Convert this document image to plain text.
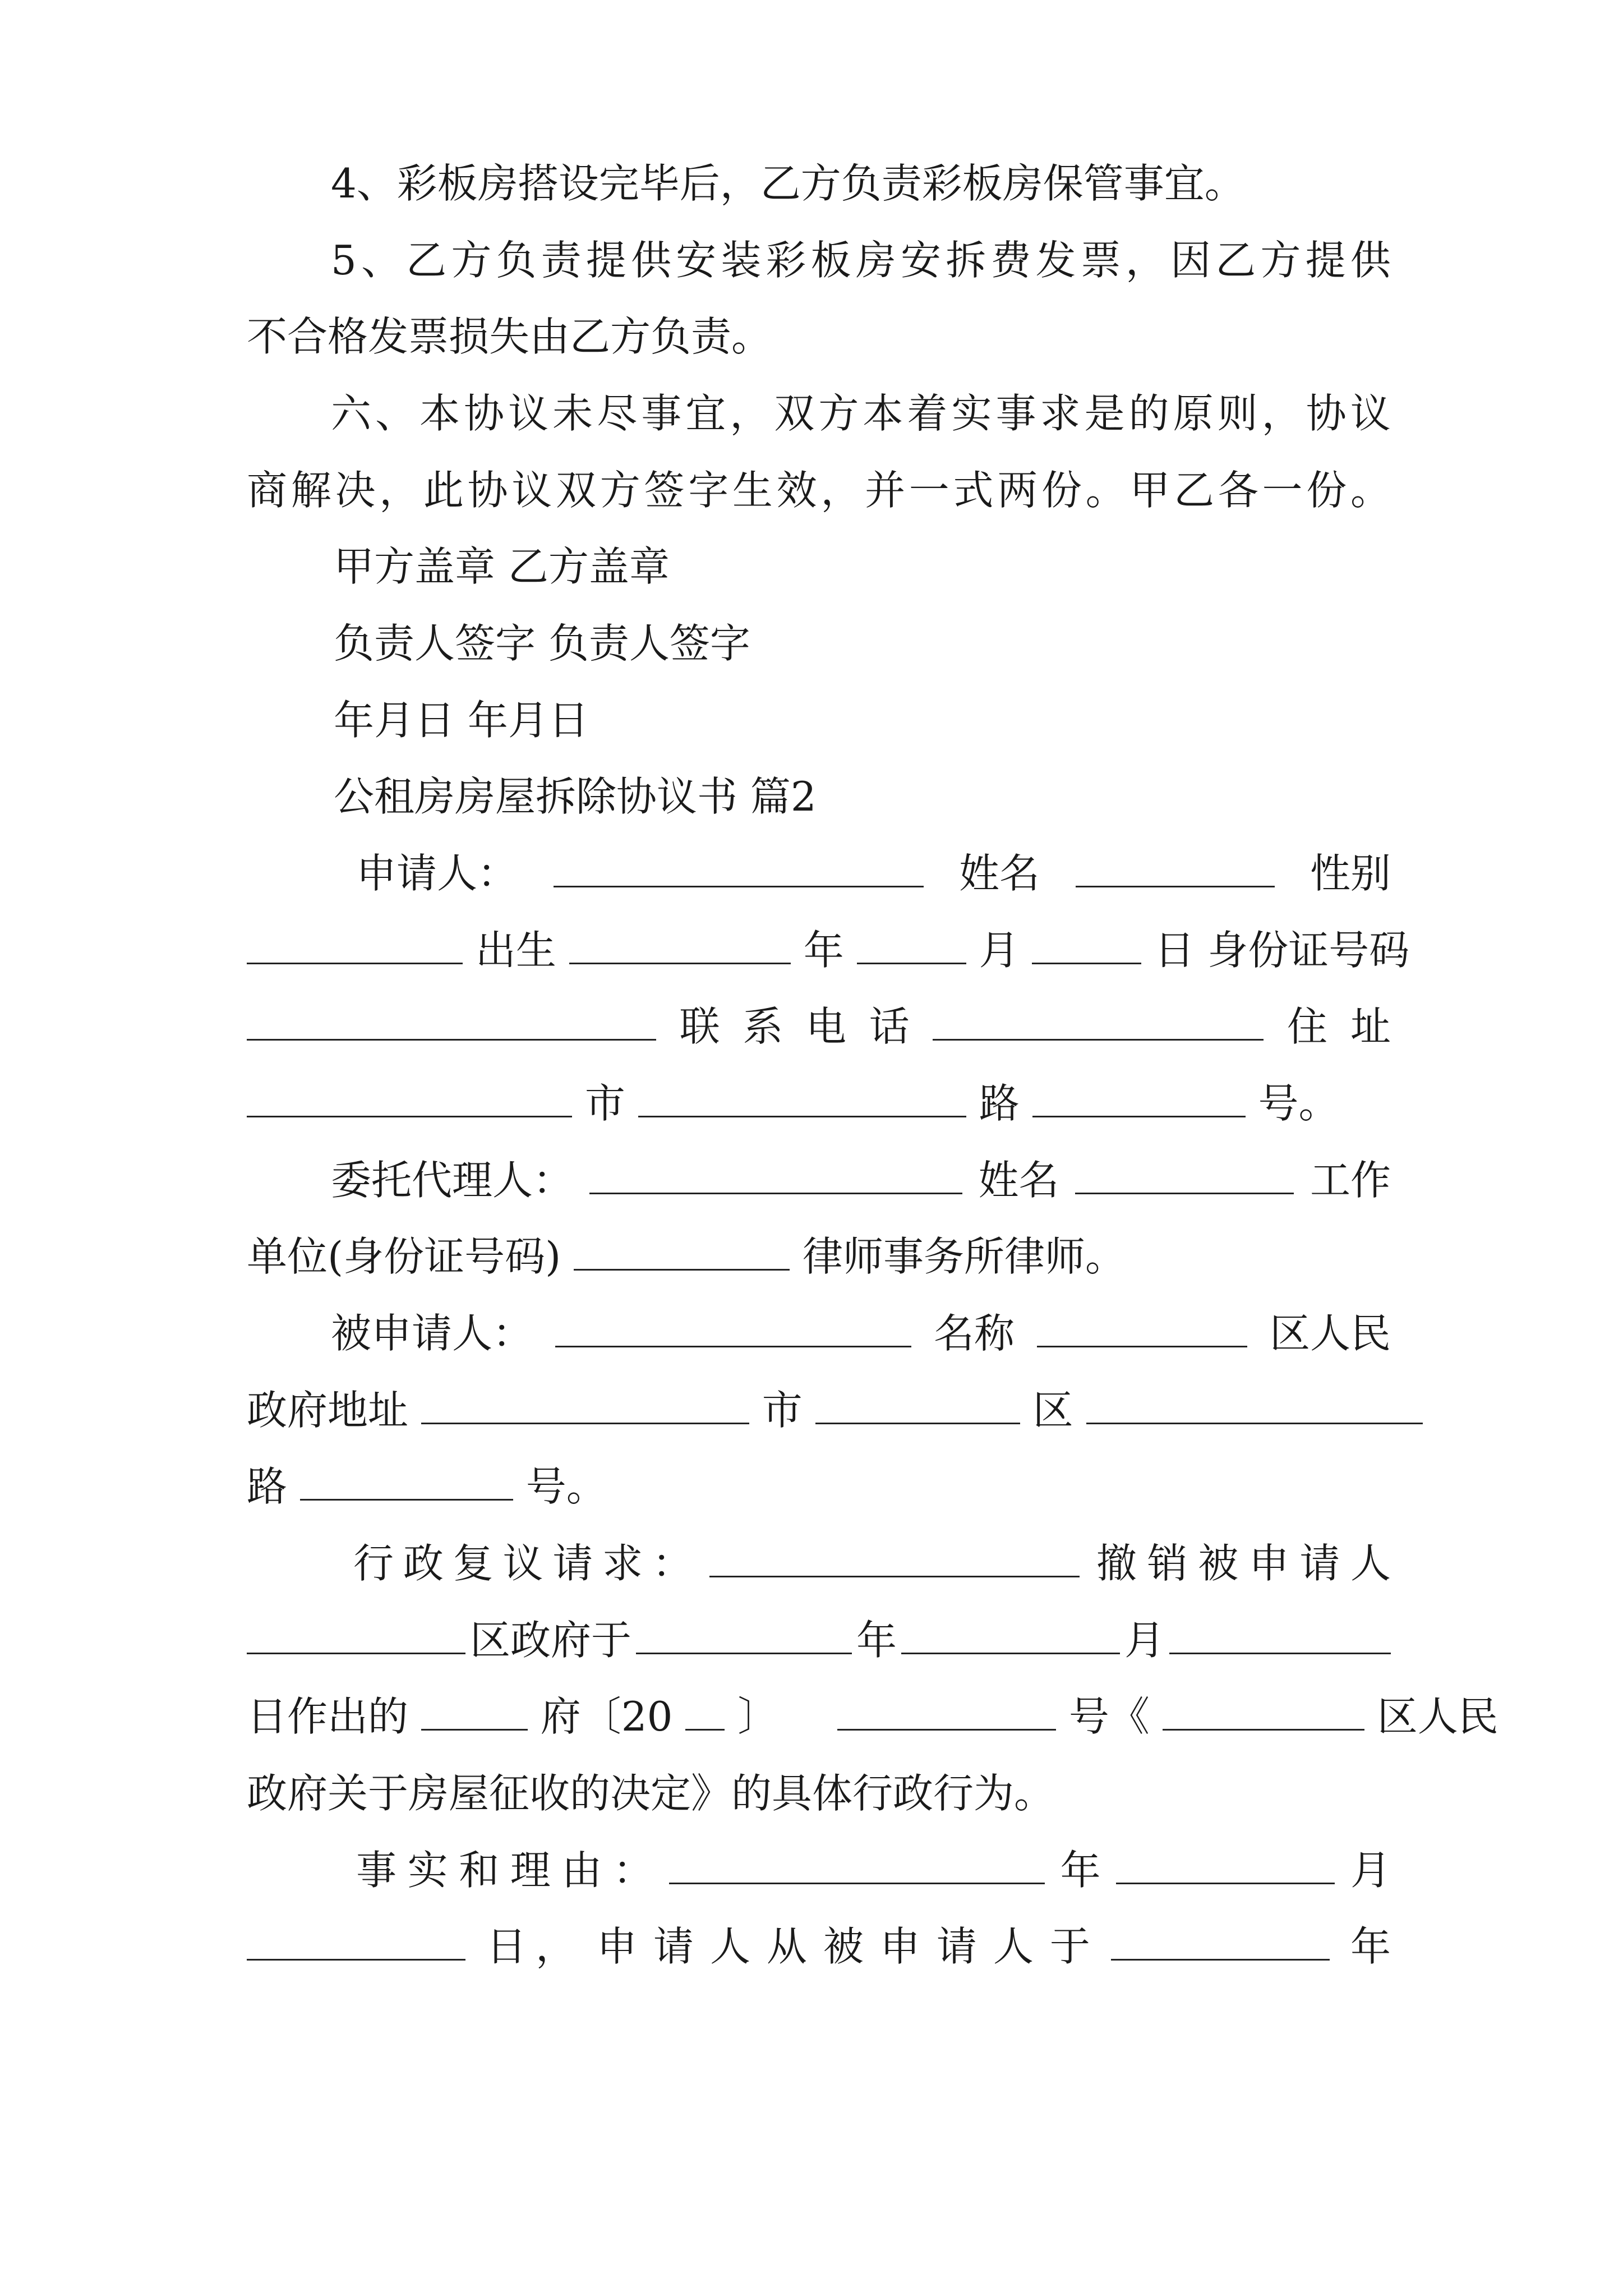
4、彩板房搭设完毕后，乙方负责彩板房保管事宜。
5 、 乙 方 负 责 提 供 安 装 彩 板 房 安 拆 费 发 票 ， 因 乙 方 提 供
不合格发票损失由乙方负责。
六 、 本 协 议 未 尽 事 宜 ， 双 方 本 着 实 事 求 是 的 原 则 ， 协 议
商 解 决 ， 此 协 议 双 方 签 字 生 效 ， 并 一 式 两 份 。 甲 乙 各 一 份 。
甲方盖章 乙方盖章
负责人签字 负责人签字
年月日 年月日
公租房房屋拆除协议书 篇2
申 请 人 ：	姓 名	性 别
出生	年	月	日 身份证号码
联 系 电 话	住 址
市	路	号。
委托代理人：	姓名	工作
单位(身份证号码)	律师事务所律师。
被申请人：	名称	区人民
政府地址	市	区
路	号。
行 政 复 议 请 求 ：	撤 销 被 申 请 人
区政府于	年	月
日作出的	府〔20 〕	号《	区人民
政府关于房屋征收的决定》的具体行政行为。
事 实 和 理 由 ：	年	月
日 ， 申 请 人 从 被 申 请 人 于	年
